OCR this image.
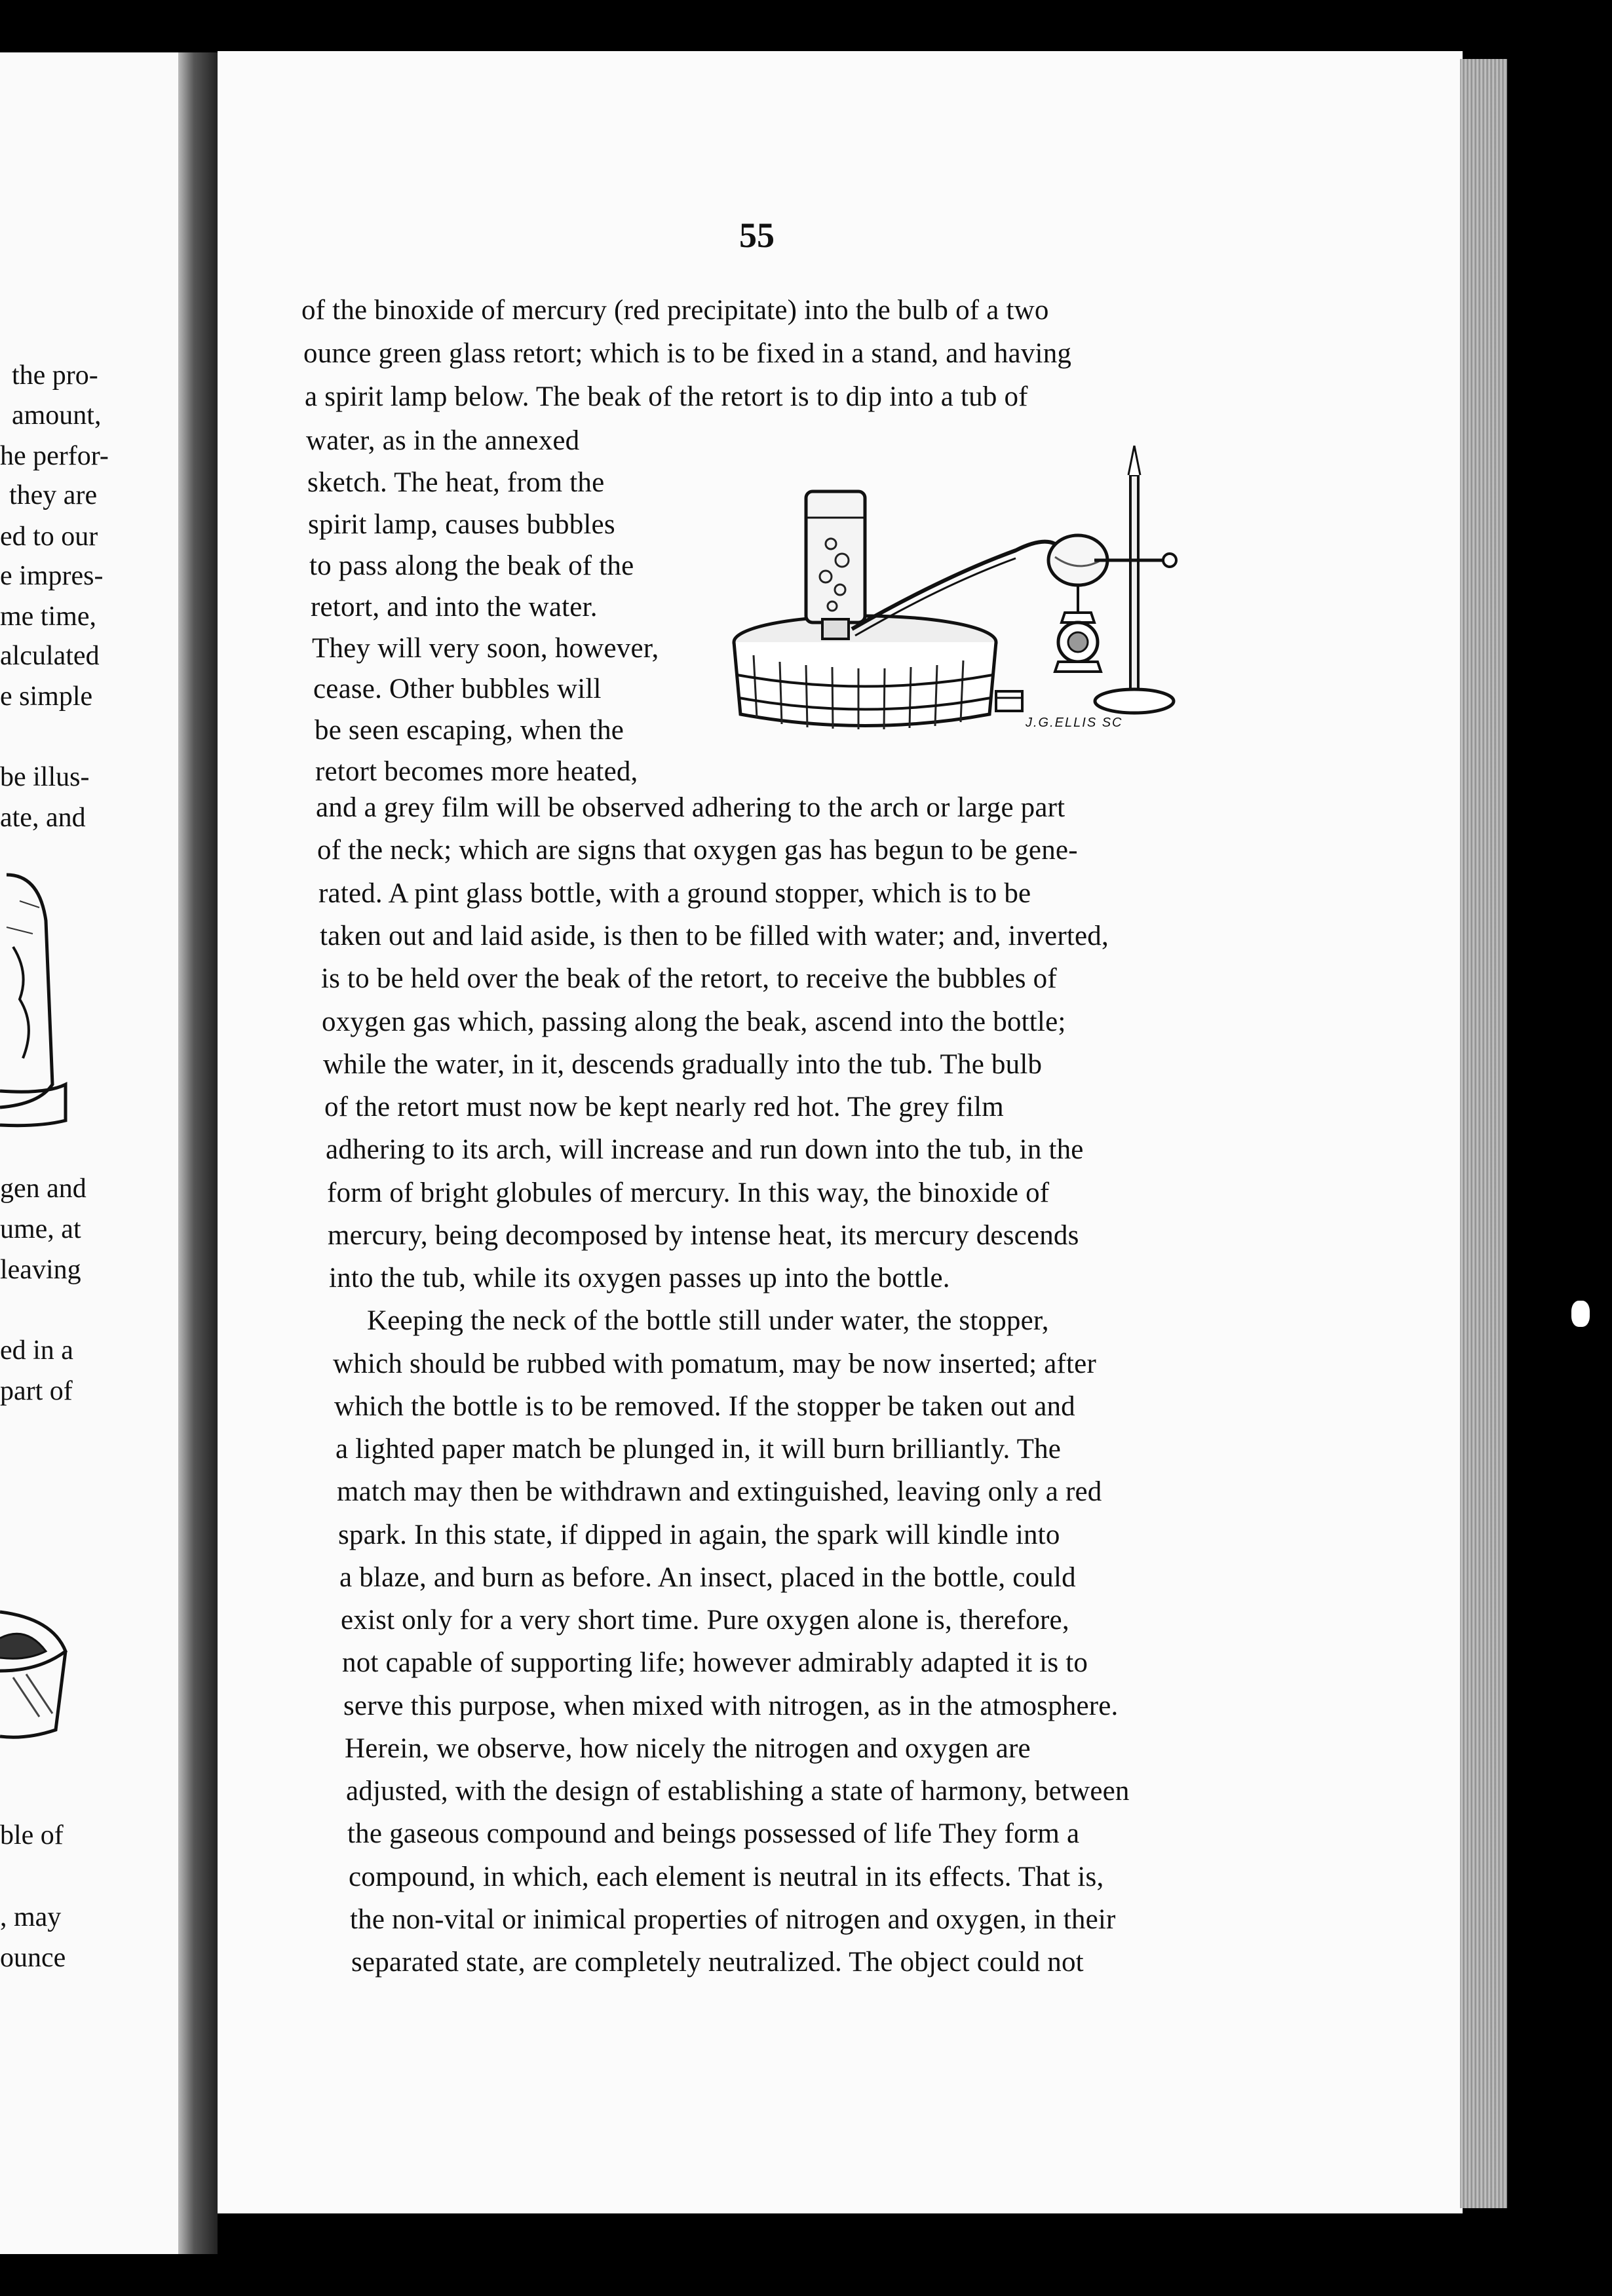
the pro-
amount,
he perfor-
they are
ed to our
e impres-
me time,
alculated
e simple
be illus-
ate, and
gen and
ume, at
leaving
ed in a
part of
ble of
, may
ounce
55
of the binoxide of mercury (red precipitate) into the bulb of a two
ounce green glass retort; which is to be fixed in a stand, and having
a spirit lamp below. The beak of the retort is to dip into a tub of
water, as in the annexed
sketch. The heat, from the
spirit lamp, causes bubbles
to pass along the beak of the
retort, and into the water.
They will very soon, however,
cease. Other bubbles will
be seen escaping, when the
retort becomes more heated,
and a grey film will be observed adhering to the arch or large part
of the neck; which are signs that oxygen gas has begun to be gene-
rated. A pint glass bottle, with a ground stopper, which is to be
taken out and laid aside, is then to be filled with water; and, inverted,
is to be held over the beak of the retort, to receive the bubbles of
oxygen gas which, passing along the beak, ascend into the bottle;
while the water, in it, descends gradually into the tub. The bulb
of the retort must now be kept nearly red hot. The grey film
adhering to its arch, will increase and run down into the tub, in the
form of bright globules of mercury. In this way, the binoxide of
mercury, being decomposed by intense heat, its mercury descends
into the tub, while its oxygen passes up into the bottle.
Keeping the neck of the bottle still under water, the stopper,
which should be rubbed with pomatum, may be now inserted; after
which the bottle is to be removed. If the stopper be taken out and
a lighted paper match be plunged in, it will burn brilliantly. The
match may then be withdrawn and extinguished, leaving only a red
spark. In this state, if dipped in again, the spark will kindle into
a blaze, and burn as before. An insect, placed in the bottle, could
exist only for a very short time. Pure oxygen alone is, therefore,
not capable of supporting life; however admirably adapted it is to
serve this purpose, when mixed with nitrogen, as in the atmosphere.
Herein, we observe, how nicely the nitrogen and oxygen are
adjusted, with the design of establishing a state of harmony, between
the gaseous compound and beings possessed of life They form a
compound, in which, each element is neutral in its effects. That is,
the non-vital or inimical properties of nitrogen and oxygen, in their
separated state, are completely neutralized. The object could not
J.G.ELLIS SC
